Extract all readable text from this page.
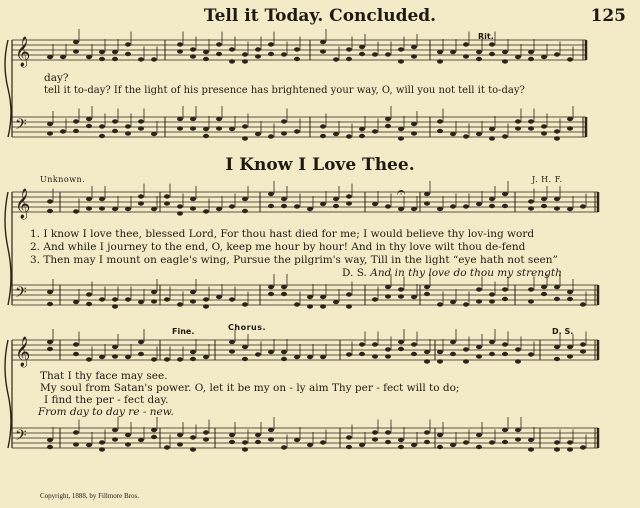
Tell it Today. Concluded.	125
𝄞
𝄢
Rit.
day?
tell it to-day? If the light of his presence has brightened your way, O, will you not tell it to-day?
I Know I Love Thee.
Unknown.	J. H. F.
𝄐
𝄞
𝄢
1. I know I love thee, blessed Lord, For thou hast died for me; I would believe thy lov-ing word
2. And while I journey to the end, O, keep me hour by hour! And in thy love wilt thou de-fend
3. Then may I mount on eagle's wing, Pursue the pilgrim's way, Till in the light “eye hath not seen”
D. S. And in thy love do thou my strength
𝄞
𝄢
Fine.	Chorus.	D. S.
That I thy face may see.
My soul from Satan's power. O, let it be my on - ly aim Thy per - fect will to do;
I find the per - fect day.
From day to day re - new.
Copyright, 1888, by Fillmore Bros.
